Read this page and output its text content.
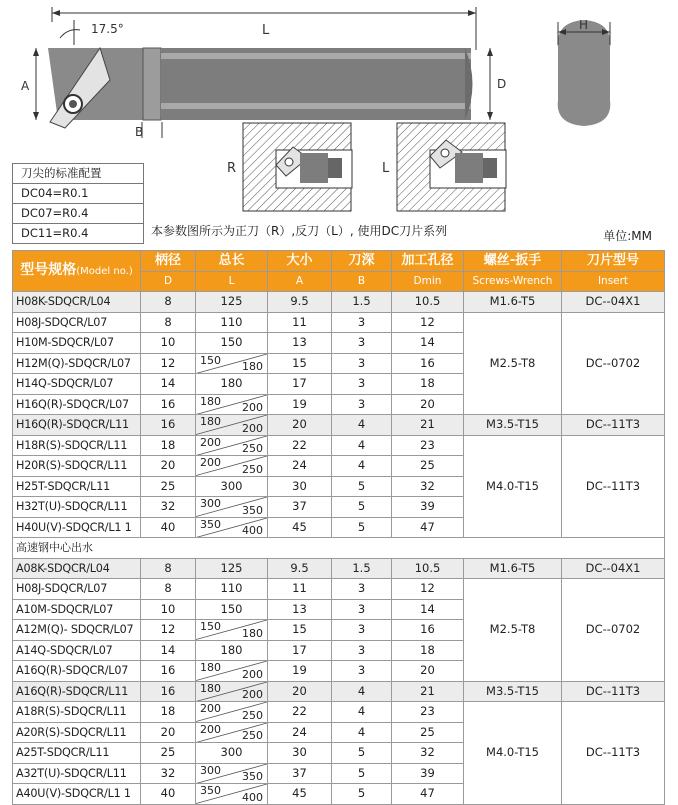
L
17.5°
A
B
D
H
R	L
刀尖的标准配置
DC04=R0.1
DC07=R0.4
DC11=R0.4	本参数图所示为正刀（R）,反刀（L）, 使用DC刀片系列	单位:MM
型号规格(Model no.)	柄径	总长	大小	刀深	加工孔径	螺丝-扳手	刀片型号
	D	L	A	B	Dmin	Screws-Wrench	Insert
H08K-SDQCR/L04	8	125	9.5	1.5	10.5	M1.6-T5	DC--04X1
H08J-SDQCR/L07	8	110	11	3	12	M2.5-T8	DC--0702
H10M-SDQCR/L07	10	150	13	3	14		
H12M(Q)-SDQCR/L07	12	150 180	15	3	16		
H14Q-SDQCR/L07	14	180	17	3	18		
H16Q(R)-SDQCR/L07	16	180 200	19	3	20		
H16Q(R)-SDQCR/L11	16	180 200	20	4	21	M3.5-T15	DC--11T3
H18R(S)-SDQCR/L11	18	200 250	22	4	23	M4.0-T15	DC--11T3
H20R(S)-SDQCR/L11	20	200 250	24	4	25		
H25T-SDQCR/L11	25	300	30	5	32		
H32T(U)-SDQCR/L11	32	300 350	37	5	39		
H40U(V)-SDQCR/L1 1	40	350 400	45	5	47		
高速钢中心出水							
A08K-SDQCR/L04	8	125	9.5	1.5	10.5	M1.6-T5	DC--04X1
H08J-SDQCR/L07	8	110	11	3	12	M2.5-T8	DC--0702
A10M-SDQCR/L07	10	150	13	3	14		
A12M(Q)- SDQCR/L07	12	150 180	15	3	16		
A14Q-SDQCR/L07	14	180	17	3	18		
A16Q(R)-SDQCR/L07	16	180 200	19	3	20		
A16Q(R)-SDQCR/L11	16	180 200	20	4	21	M3.5-T15	DC--11T3
A18R(S)-SDQCR/L11	18	200 250	22	4	23	M4.0-T15	DC--11T3
A20R(S)-SDQCR/L11	20	200 250	24	4	25		
A25T-SDQCR/L11	25	300	30	5	32		
A32T(U)-SDQCR/L11	32	300 350	37	5	39		
A40U(V)-SDQCR/L1 1	40	350 400	45	5	47		
